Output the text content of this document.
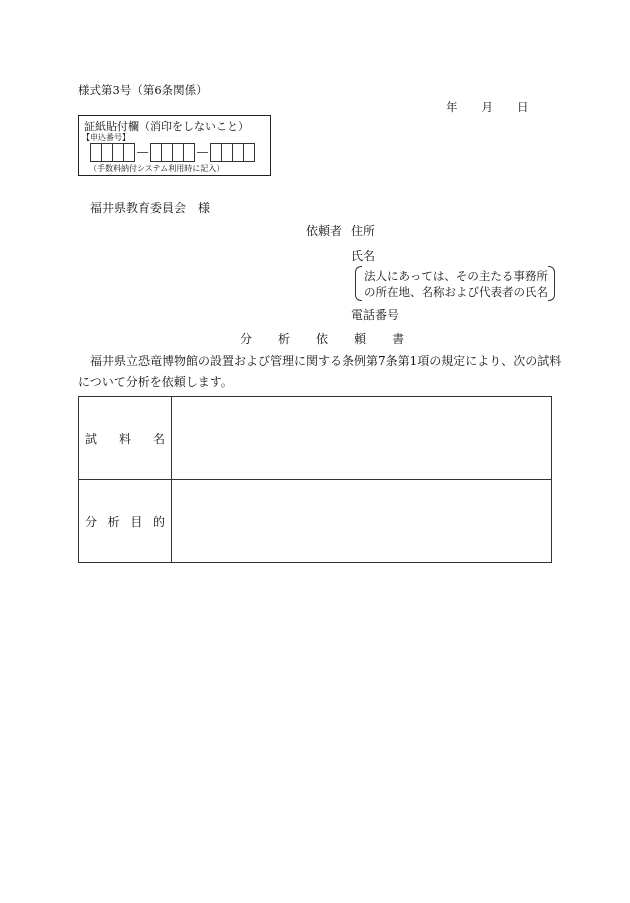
様式第3号（第6条関係）
年 月 日
証紙貼付欄（消印をしないこと）
【申込番号】
（手数料納付システム利用時に記入）
福井県教育委員会　様
依頼者 住所
氏名
法人にあっては、その主たる事務所
の所在地、名称および代表者の氏名
電話番号
分 析 依 頼 書
福井県立恐竜博物館の設置および管理に関する条例第7条第1項の規定により、次の試料
について分析を依頼します。
試 料 名	

分 析 目 的	
